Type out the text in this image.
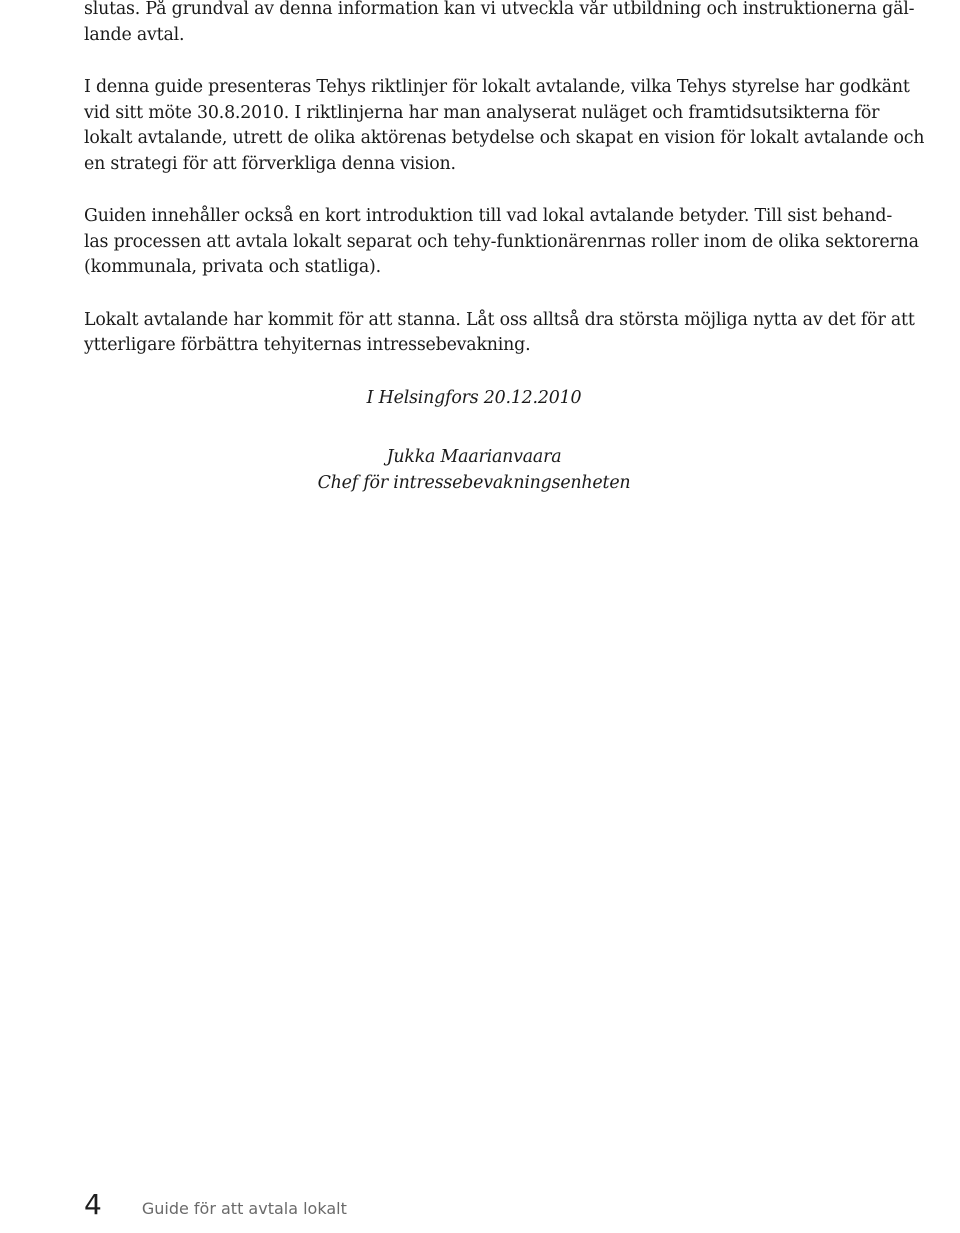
slutas. På grundval av denna information kan vi utveckla vår utbildning och instruktionerna gäl-
lande avtal.

I denna guide presenteras Tehys riktlinjer för lokalt avtalande, vilka Tehys styrelse har godkänt
vid sitt möte 30.8.2010. I riktlinjerna har man analyserat nuläget och framtidsutsikterna för
lokalt avtalande, utrett de olika aktörenas betydelse och skapat en vision för lokalt avtalande och
en strategi för att förverkliga denna vision.

Guiden innehåller också en kort introduktion till vad lokal avtalande betyder. Till sist behand-
las processen att avtala lokalt separat och tehy-funktionärenrnas roller inom de olika sektorerna
(kommunala, privata och statliga).

Lokalt avtalande har kommit för att stanna. Låt oss alltså dra största möjliga nytta av det för att
ytterligare förbättra tehyiternas intressebevakning.

I Helsingfors 20.12.2010
Jukka Maarianvaara
Chef för intressebevakningsenheten
4	Guide för att avtala lokalt
